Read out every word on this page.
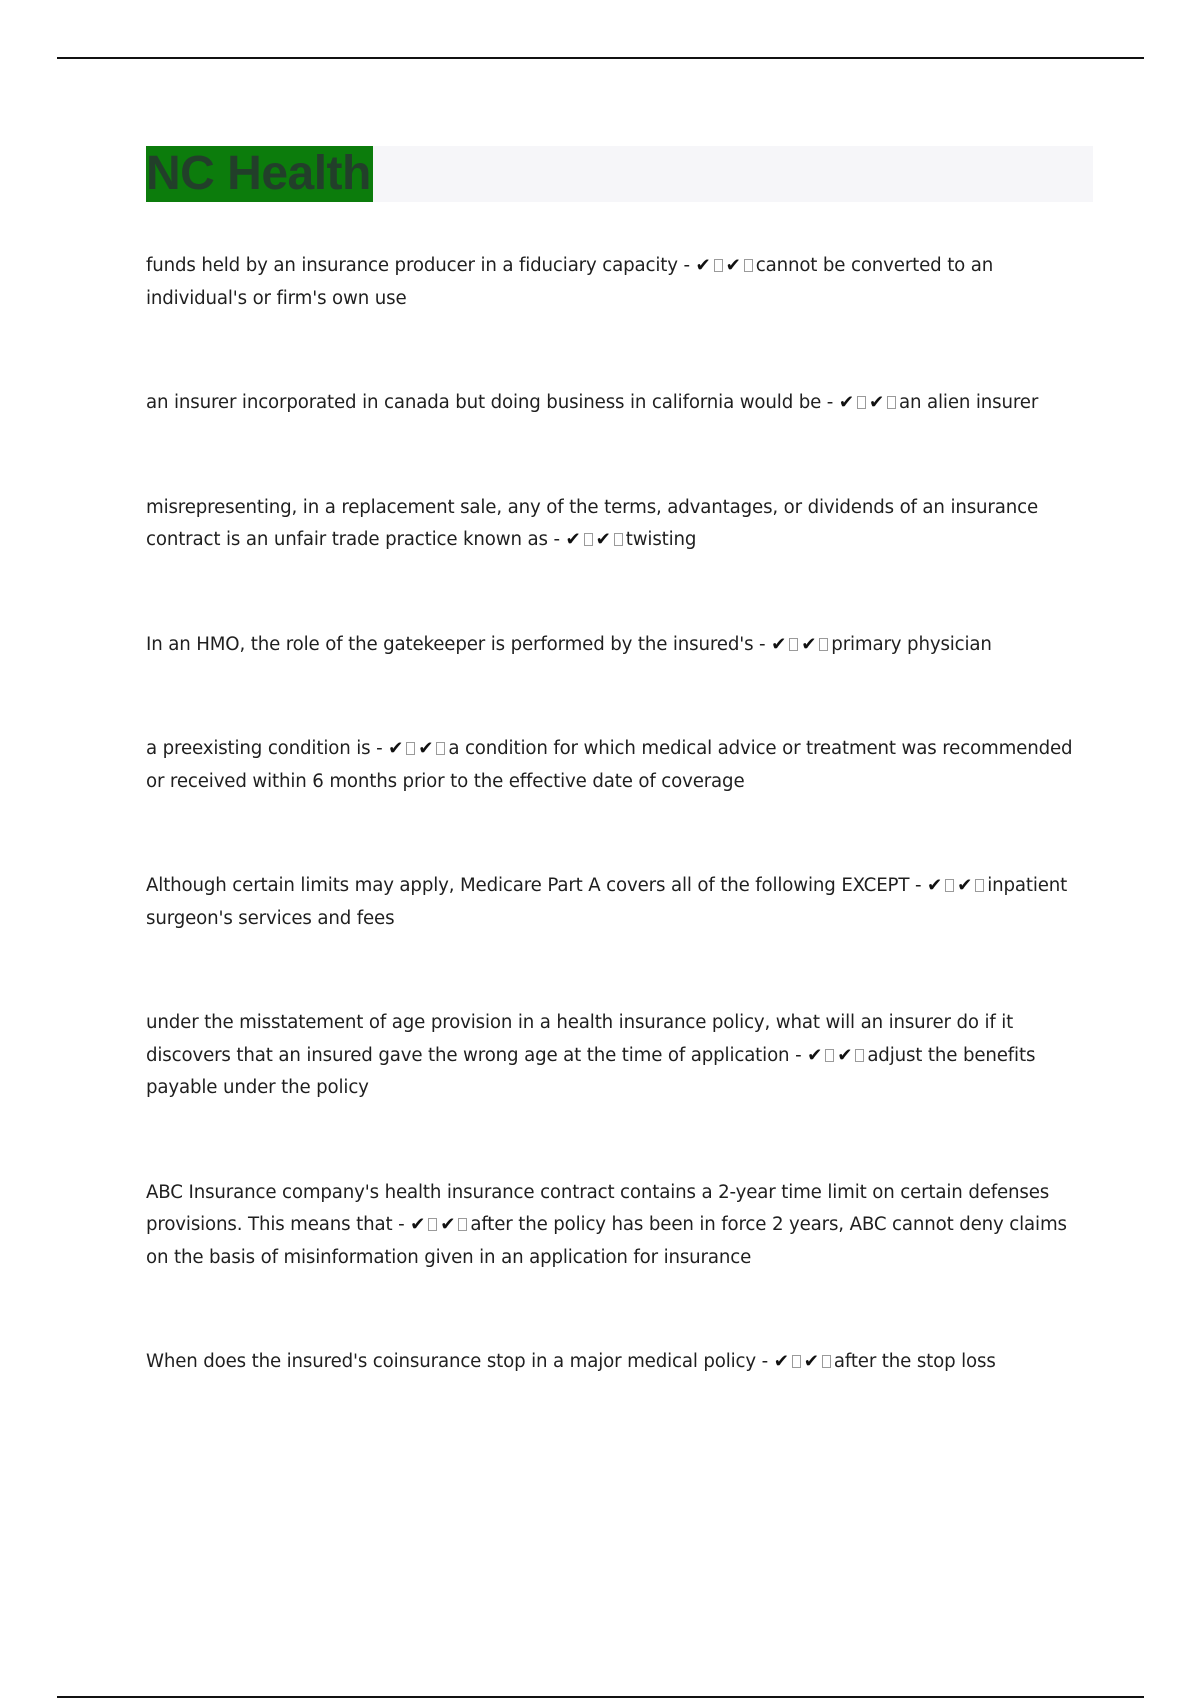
NC Health

funds held by an insurance producer in a fiduciary capacity - ✔ ✔ cannot be converted to an individual's or firm's own use

an insurer incorporated in canada but doing business in california would be - ✔ ✔ an alien insurer

misrepresenting, in a replacement sale, any of the terms, advantages, or dividends of an insurance contract is an unfair trade practice known as - ✔ ✔ twisting

In an HMO, the role of the gatekeeper is performed by the insured's - ✔ ✔ primary physician

a preexisting condition is - ✔ ✔ a condition for which medical advice or treatment was recommended or received within 6 months prior to the effective date of coverage

Although certain limits may apply, Medicare Part A covers all of the following EXCEPT - ✔ ✔ inpatient surgeon's services and fees

under the misstatement of age provision in a health insurance policy, what will an insurer do if it discovers that an insured gave the wrong age at the time of application - ✔ ✔ adjust the benefits payable under the policy

ABC Insurance company's health insurance contract contains a 2-year time limit on certain defenses provisions. This means that - ✔ ✔ after the policy has been in force 2 years, ABC cannot deny claims on the basis of misinformation given in an application for insurance

When does the insured's coinsurance stop in a major medical policy - ✔ ✔ after the stop loss
